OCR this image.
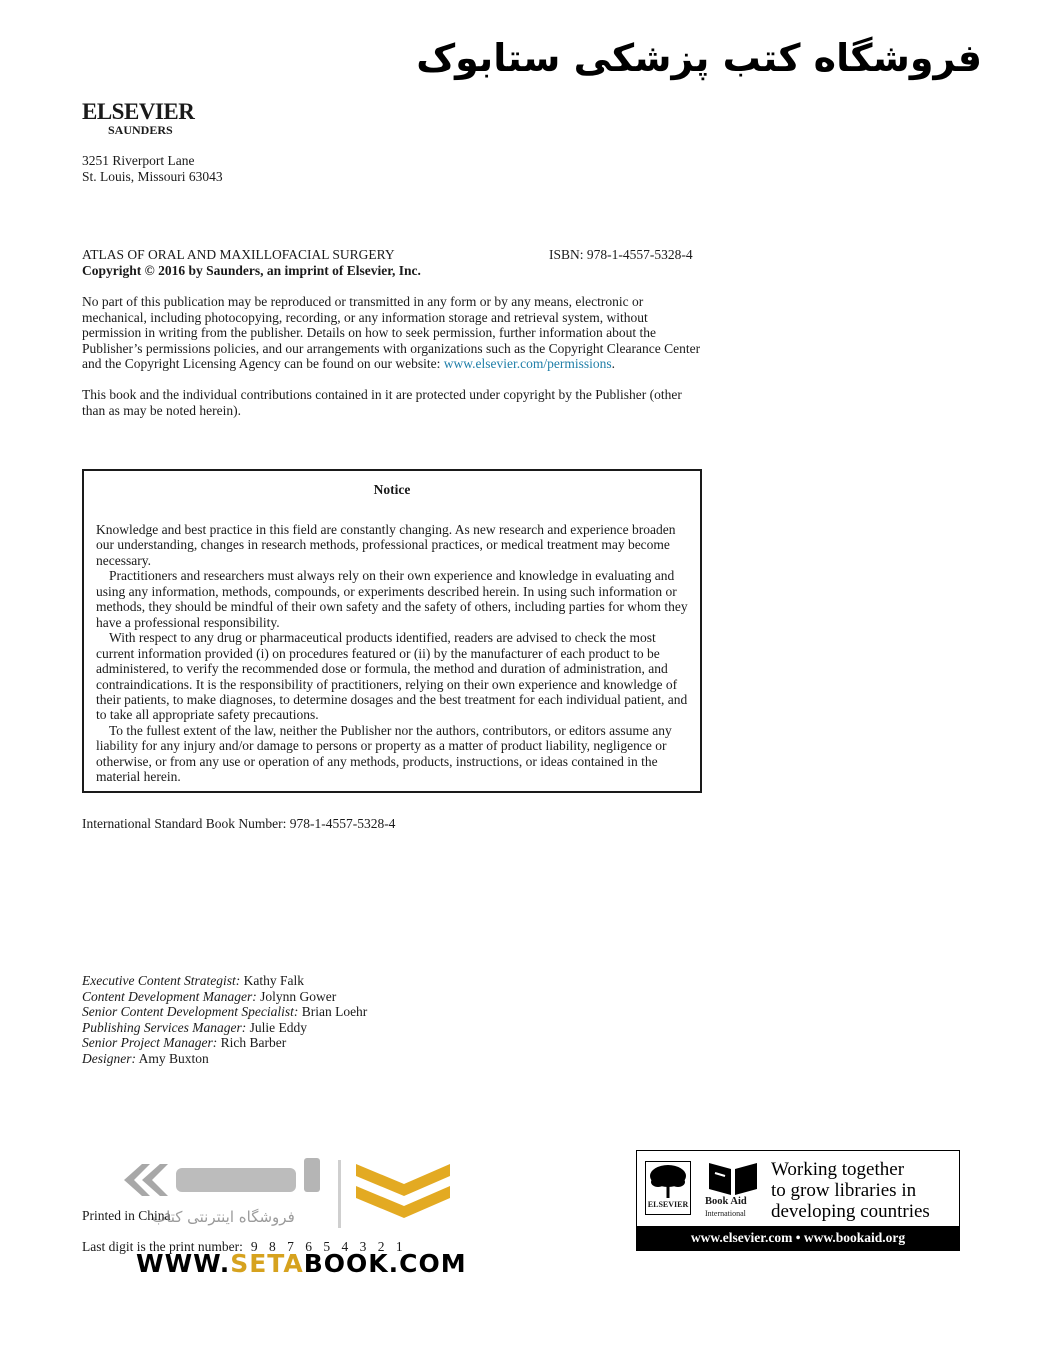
فروشگاه کتب پزشکی ستابوک
ELSEVIER
SAUNDERS
3251 Riverport Lane
St. Louis, Missouri 63043
ATLAS OF ORAL AND MAXILLOFACIAL SURGERY	ISBN: 978-1-4557-5328-4
Copyright © 2016 by Saunders, an imprint of Elsevier, Inc.
No part of this publication may be reproduced or transmitted in any form or by any means, electronic or mechanical, including photocopying, recording, or any information storage and retrieval system, without permission in writing from the publisher. Details on how to seek permission, further information about the Publisher’s permissions policies, and our arrangements with organizations such as the Copyright Clearance Center and the Copyright Licensing Agency can be found on our website: www.elsevier.com/permissions.
This book and the individual contributions contained in it are protected under copyright by the Publisher (other than as may be noted herein).
Notice

Knowledge and best practice in this field are constantly changing. As new research and experience broaden our understanding, changes in research methods, professional practices, or medical treatment may become necessary.

Practitioners and researchers must always rely on their own experience and knowledge in evaluating and using any information, methods, compounds, or experiments described herein. In using such information or methods, they should be mindful of their own safety and the safety of others, including parties for whom they have a professional responsibility.

With respect to any drug or pharmaceutical products identified, readers are advised to check the most current information provided (i) on procedures featured or (ii) by the manufacturer of each product to be administered, to verify the recommended dose or formula, the method and duration of administration, and contraindications. It is the responsibility of practitioners, relying on their own experience and knowledge of their patients, to make diagnoses, to determine dosages and the best treatment for each individual patient, and to take all appropriate safety precautions.

To the fullest extent of the law, neither the Publisher nor the authors, contributors, or editors assume any liability for any injury and/or damage to persons or property as a matter of product liability, negligence or otherwise, or from any use or operation of any methods, products, instructions, or ideas contained in the material herein.

International Standard Book Number: 978-1-4557-5328-4
Executive Content Strategist: Kathy Falk
Content Development Manager: Jolynn Gower
Senior Content Development Specialist: Brian Loehr
Publishing Services Manager: Julie Eddy
Senior Project Manager: Rich Barber
Designer: Amy Buxton
Printed in China
Last digit is the print number: 9 8 7 6 5 4 3 2 1
فروشگاه اینترنتی کتاب
WWW.SETABOOK.COM
ELSEVIER	Book Aid
International
Working together
to grow libraries in
developing countries
www.elsevier.com • www.bookaid.org
